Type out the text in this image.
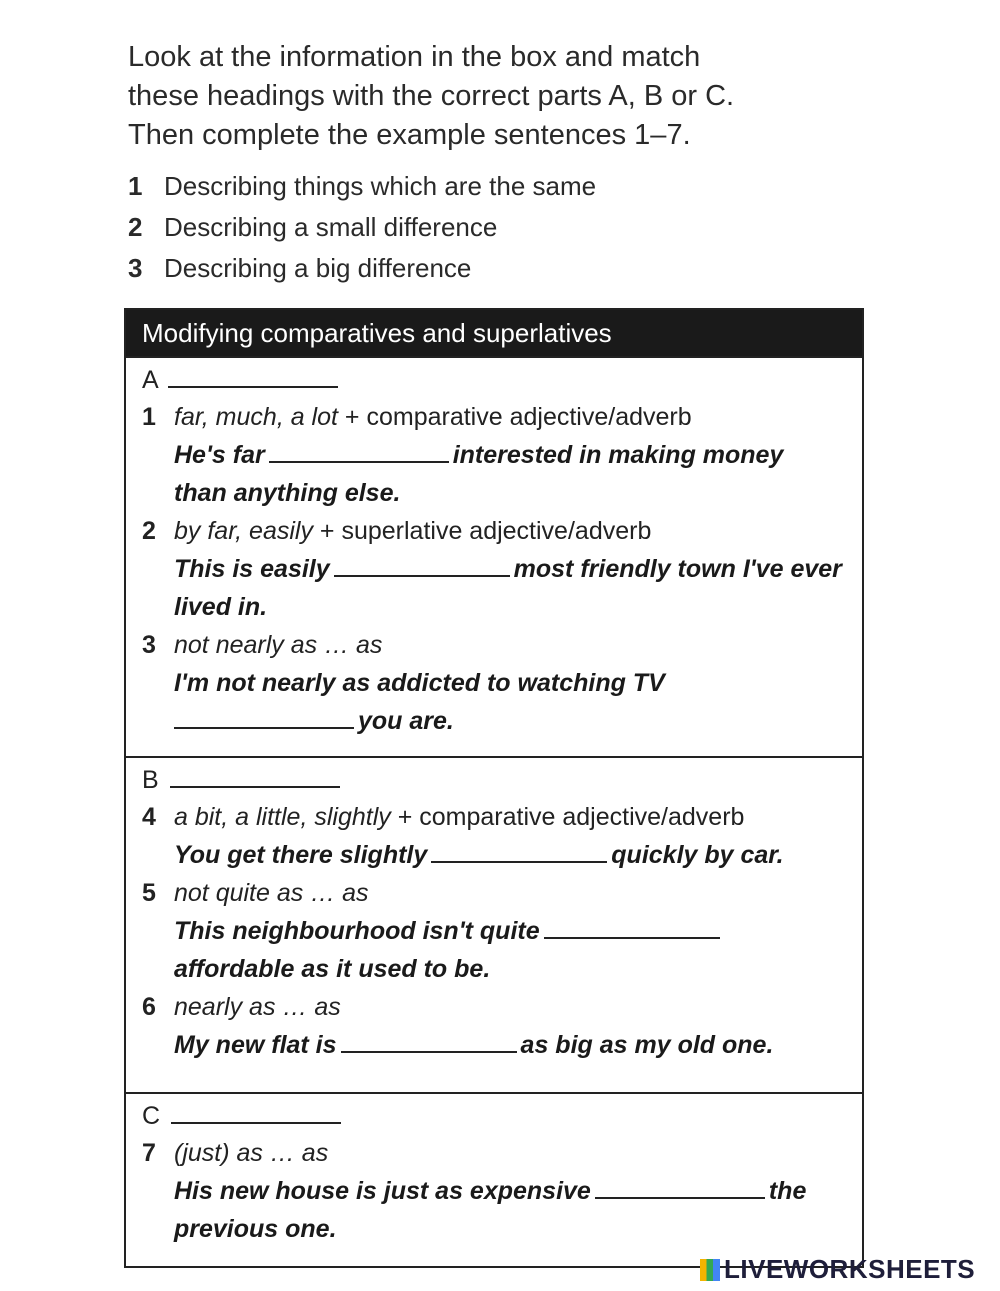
Look at the information in the box and match

these headings with the correct parts A, B or C.

Then complete the example sentences 1–7.

1 Describing things which are the same
2 Describing a small difference
3 Describing a big difference
Modifying comparatives and superlatives
A
1 far, much, a lot + comparative adjective/adverb
He's far	interested in making money
than anything else.
2 by far, easily + superlative adjective/adverb
This is easily	most friendly town I've ever
lived in.
3 not nearly as … as
I'm not nearly as addicted to watching TV
you are.
B
4 a bit, a little, slightly + comparative adjective/adverb
You get there slightly	quickly by car.
5 not quite as … as
This neighbourhood isn't quite
affordable as it used to be.
6 nearly as … as
My new flat is	as big as my old one.
C
7 (just) as … as
His new house is just as expensive	the
previous one.
LIVEWORKSHEETS
